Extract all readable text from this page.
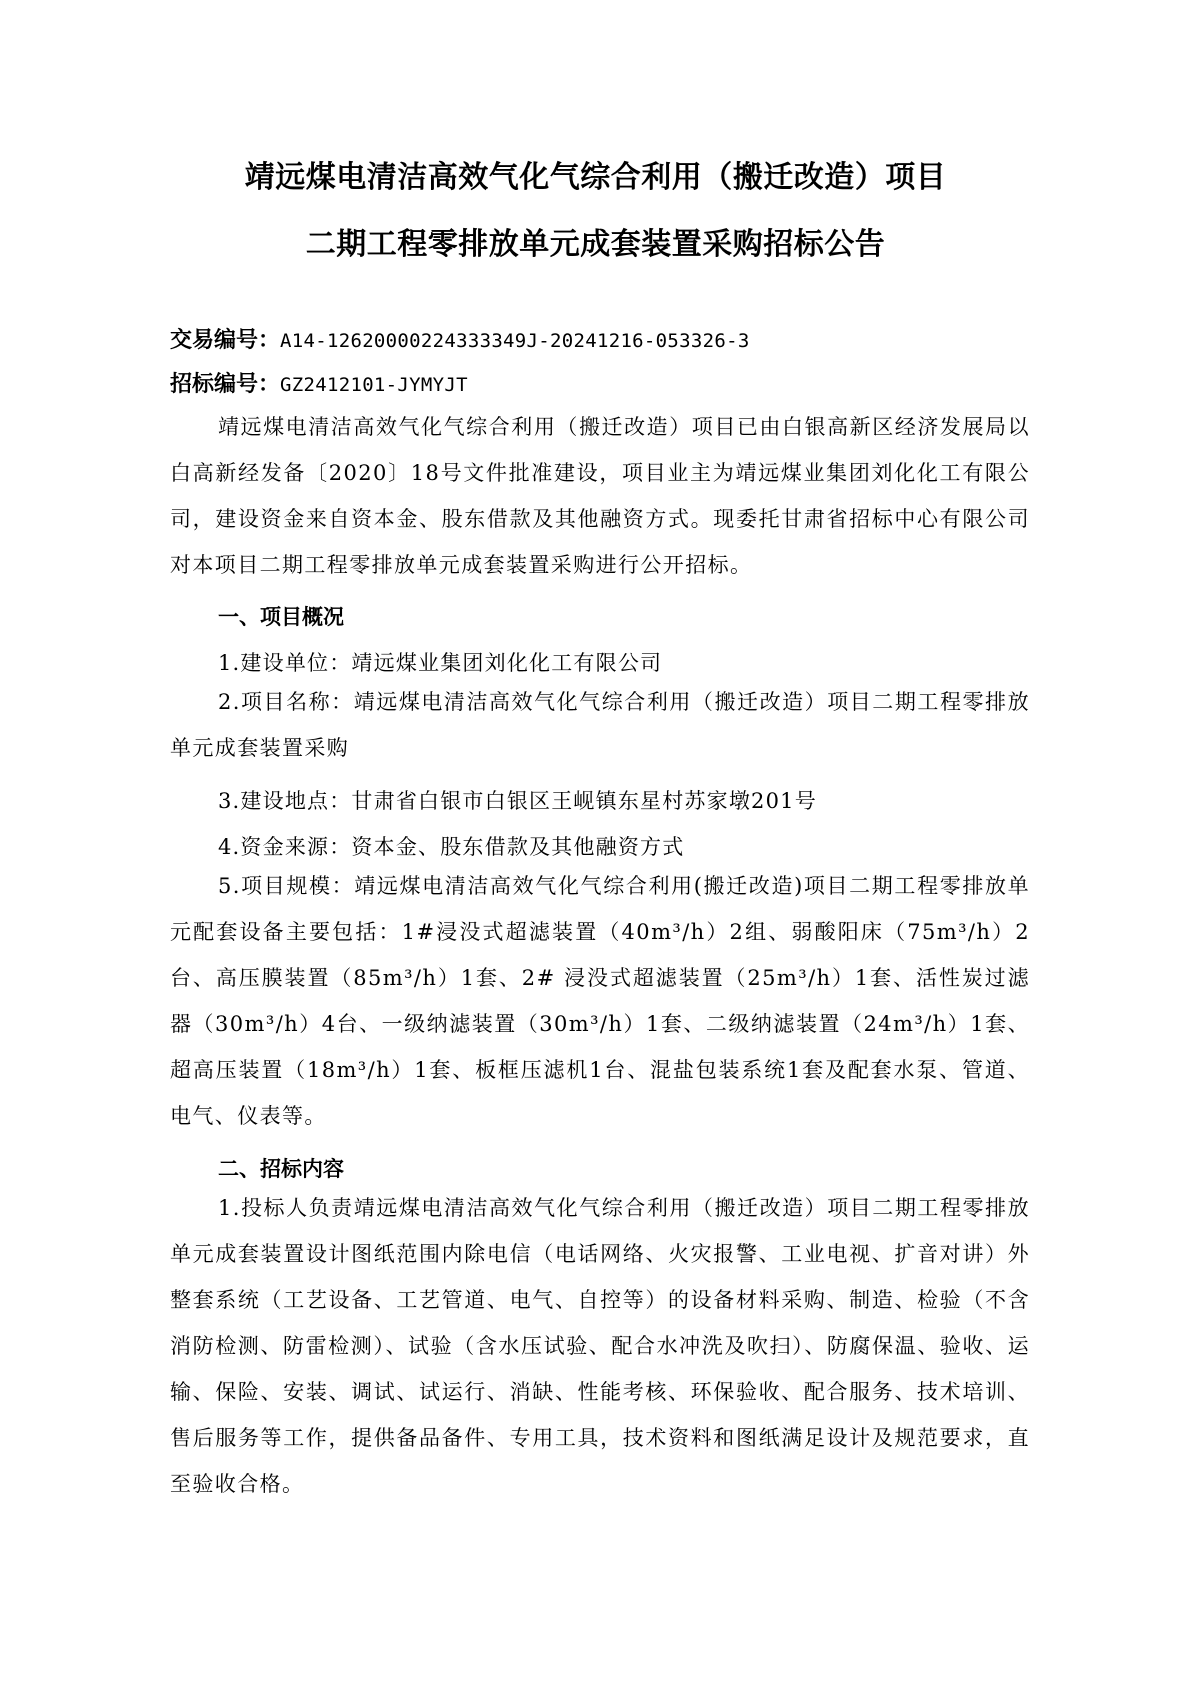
靖远煤电清洁高效气化气综合利用（搬迁改造）项目
二期工程零排放单元成套装置采购招标公告
交易编号：A14-12620000224333349J-20241216-053326-3
招标编号：GZ2412101-JYMYJT

靖远煤电清洁高效气化气综合利用（搬迁改造）项目已由白银高新区经济发展局以白高新经发备〔2020〕18号文件批准建设，项目业主为靖远煤业集团刘化化工有限公司，建设资金来自资本金、股东借款及其他融资方式。现委托甘肃省招标中心有限公司对本项目二期工程零排放单元成套装置采购进行公开招标。

一、项目概况
1.建设单位：靖远煤业集团刘化化工有限公司

2.项目名称：靖远煤电清洁高效气化气综合利用（搬迁改造）项目二期工程零排放单元成套装置采购

3.建设地点：甘肃省白银市白银区王岘镇东星村苏家墩201号
4.资金来源：资本金、股东借款及其他融资方式

5.项目规模：靖远煤电清洁高效气化气综合利用(搬迁改造)项目二期工程零排放单元配套设备主要包括：1#浸没式超滤装置（40m³/h）2组、弱酸阳床（75m³/h）2台、高压膜装置（85m³/h）1套、2# 浸没式超滤装置（25m³/h）1套、活性炭过滤器（30m³/h）4台、一级纳滤装置（30m³/h）1套、二级纳滤装置（24m³/h）1套、超高压装置（18m³/h）1套、板框压滤机1台、混盐包装系统1套及配套水泵、管道、电气、仪表等。

二、招标内容

1.投标人负责靖远煤电清洁高效气化气综合利用（搬迁改造）项目二期工程零排放单元成套装置设计图纸范围内除电信（电话网络、火灾报警、工业电视、扩音对讲）外整套系统（工艺设备、工艺管道、电气、自控等）的设备材料采购、制造、检验（不含消防检测、防雷检测）、试验（含水压试验、配合水冲洗及吹扫）、防腐保温、验收、运输、保险、安装、调试、试运行、消缺、性能考核、环保验收、配合服务、技术培训、售后服务等工作，提供备品备件、专用工具，技术资料和图纸满足设计及规范要求，直至验收合格。
